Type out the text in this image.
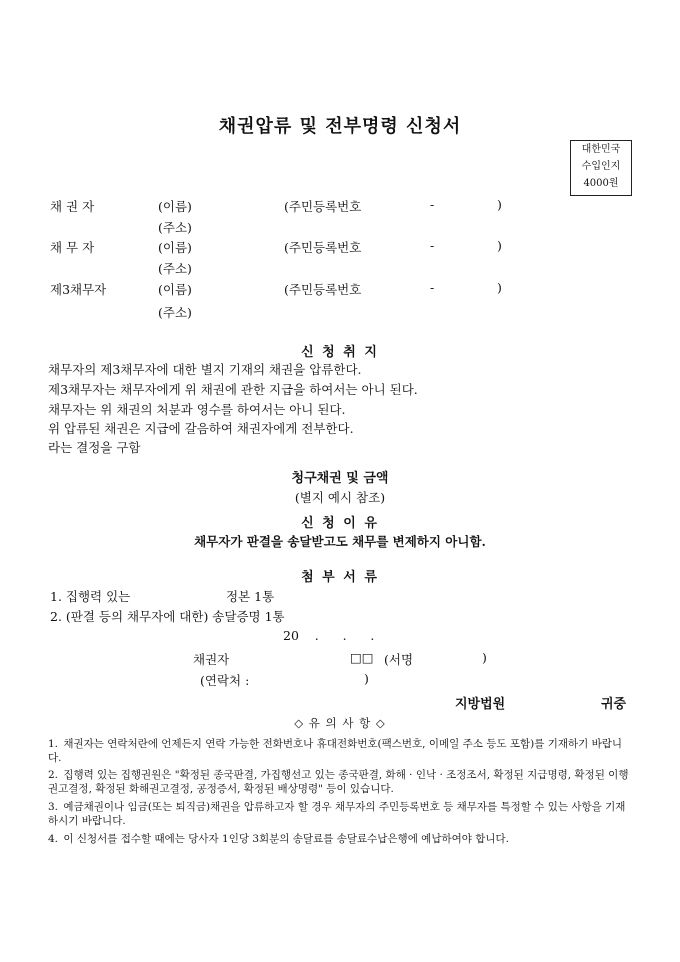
채권압류 및 전부명령 신청서
대한민국
수입인지
4000원
채 권 자	(이름)	(주민등록번호	-	)
(주소)
채 무 자	(이름)	(주민등록번호	-	)
(주소)
제3채무자	(이름)	(주민등록번호	-	)
(주소)
신 청 취 지
채무자의 제3채무자에 대한 별지 기재의 채권을 압류한다.
제3채무자는 채무자에게 위 채권에 관한 지급을 하여서는 아니 된다.
채무자는 위 채권의 처분과 영수를 하여서는 아니 된다.
위 압류된 채권은 지급에 갈음하여 채권자에게 전부한다.
라는 결정을 구함
청구채권 및 금액
(별지 예시 참조)
신 청 이 유
채무자가 판결을 송달받고도 채무를 변제하지 아니함.
첨 부 서 류
1. 집행력 있는	정본 1통
2. (판결 등의 채무자에 대한) 송달증명 1통
20    .      .      .
채권자	□□ (서명	)
(연락처 :	)
지방법원	귀중
◇ 유 의 사 항 ◇
1. 채권자는 연락처란에 언제든지 연락 가능한 전화번호나 휴대전화번호(팩스번호, 이메일 주소 등도 포함)를 기재하기 바랍니다.
2. 집행력 있는 집행권원은 "확정된 종국판결, 가집행선고 있는 종국판결, 화해 · 인낙 · 조정조서, 확정된 지급명령, 확정된 이행권고결정, 확정된 화해권고결정, 공정증서, 확정된 배상명령" 등이 있습니다.
3. 예금채권이나 임금(또는 퇴직금)채권을 압류하고자 할 경우 채무자의 주민등록번호 등 채무자를 특정할 수 있는 사항을 기재하시기 바랍니다.
4. 이 신청서를 접수할 때에는 당사자 1인당 3회분의 송달료를 송달료수납은행에 예납하여야 합니다.
